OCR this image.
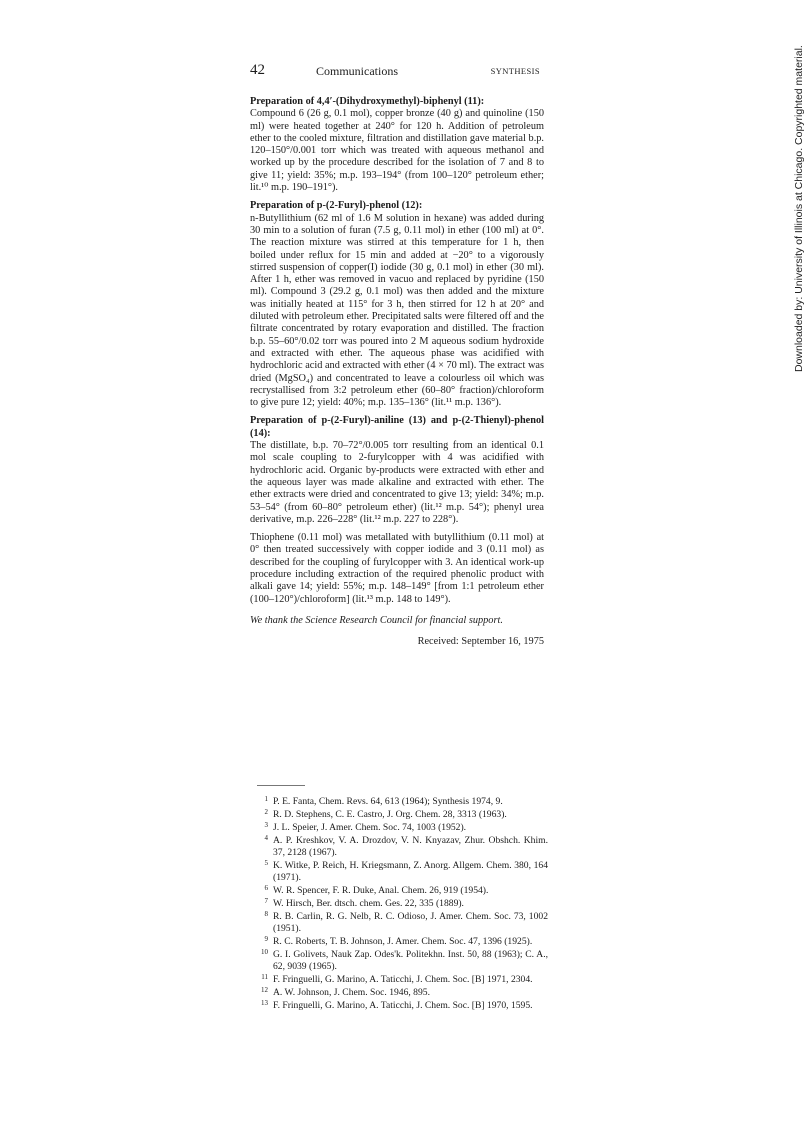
42	Communications	SYNTHESIS

Preparation of 4,4′-(Dihydroxymethyl)-biphenyl (11):

Compound 6 (26 g, 0.1 mol), copper bronze (40 g) and quinoline (150 ml) were heated together at 240° for 120 h. Addition of petroleum ether to the cooled mixture, filtration and distillation gave material b.p. 120–150°/0.001 torr which was treated with aqueous methanol and worked up by the procedure described for the isolation of 7 and 8 to give 11; yield: 35%; m.p. 193–194° (from 100–120° petroleum ether; lit.¹⁰ m.p. 190–191°).

Preparation of p-(2-Furyl)-phenol (12):

n-Butyllithium (62 ml of 1.6 M solution in hexane) was added during 30 min to a solution of furan (7.5 g, 0.11 mol) in ether (100 ml) at 0°. The reaction mixture was stirred at this temperature for 1 h, then boiled under reflux for 15 min and added at −20° to a vigorously stirred suspension of copper(I) iodide (30 g, 0.1 mol) in ether (30 ml). After 1 h, ether was removed in vacuo and replaced by pyridine (150 ml). Compound 3 (29.2 g, 0.1 mol) was then added and the mixture was initially heated at 115° for 3 h, then stirred for 12 h at 20° and diluted with petroleum ether. Precipitated salts were filtered off and the filtrate concentrated by rotary evaporation and distilled. The fraction b.p. 55–60°/0.02 torr was poured into 2 M aqueous sodium hydroxide and extracted with ether. The aqueous phase was acidified with hydrochloric acid and extracted with ether (4 × 70 ml). The extract was dried (MgSO₄) and concentrated to leave a colourless oil which was recrystallised from 3:2 petroleum ether (60–80° fraction)/chloroform to give pure 12; yield: 40%; m.p. 135–136° (lit.¹¹ m.p. 136°).

Preparation of p-(2-Furyl)-aniline (13) and p-(2-Thienyl)-phenol (14):

The distillate, b.p. 70–72°/0.005 torr resulting from an identical 0.1 mol scale coupling to 2-furylcopper with 4 was acidified with hydrochloric acid. Organic by-products were extracted with ether and the aqueous layer was made alkaline and extracted with ether. The ether extracts were dried and concentrated to give 13; yield: 34%; m.p. 53–54° (from 60–80° petroleum ether) (lit.¹² m.p. 54°); phenyl urea derivative, m.p. 226–228° (lit.¹² m.p. 227 to 228°).

Thiophene (0.11 mol) was metallated with butyllithium (0.11 mol) at 0° then treated successively with copper iodide and 3 (0.11 mol) as described for the coupling of furylcopper with 3. An identical work-up procedure including extraction of the required phenolic product with alkali gave 14; yield: 55%; m.p. 148–149° [from 1:1 petroleum ether (100–120°)/chloroform] (lit.¹³ m.p. 148 to 149°).

We thank the Science Research Council for financial support.

Received: September 16, 1975

1 P. E. Fanta, Chem. Revs. 64, 613 (1964); Synthesis 1974, 9.
2 R. D. Stephens, C. E. Castro, J. Org. Chem. 28, 3313 (1963).
3 J. L. Speier, J. Amer. Chem. Soc. 74, 1003 (1952).
4 A. P. Kreshkov, V. A. Drozdov, V. N. Knyazav, Zhur. Obshch. Khim. 37, 2128 (1967).
5 K. Witke, P. Reich, H. Kriegsmann, Z. Anorg. Allgem. Chem. 380, 164 (1971).
6 W. R. Spencer, F. R. Duke, Anal. Chem. 26, 919 (1954).
7 W. Hirsch, Ber. dtsch. chem. Ges. 22, 335 (1889).
8 R. B. Carlin, R. G. Nelb, R. C. Odioso, J. Amer. Chem. Soc. 73, 1002 (1951).
9 R. C. Roberts, T. B. Johnson, J. Amer. Chem. Soc. 47, 1396 (1925).
10 G. I. Golivets, Nauk Zap. Odes'k. Politekhn. Inst. 50, 88 (1963); C. A., 62, 9039 (1965).
11 F. Fringuelli, G. Marino, A. Taticchi, J. Chem. Soc. [B] 1971, 2304.
12 A. W. Johnson, J. Chem. Soc. 1946, 895.
13 F. Fringuelli, G. Marino, A. Taticchi, J. Chem. Soc. [B] 1970, 1595.
Downloaded by: University of Illinois at Chicago. Copyrighted material.
